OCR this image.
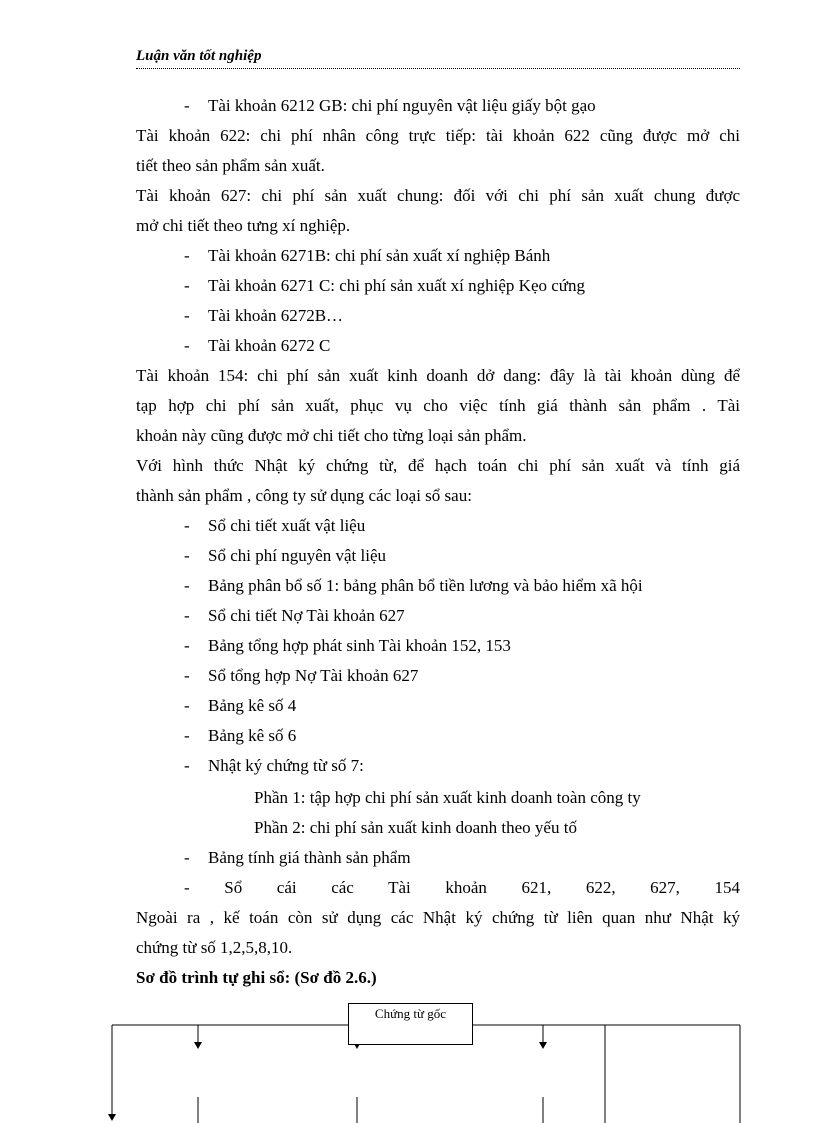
Luận văn tốt nghiệp
- Tài khoản 6212 GB: chi phí nguyên vật liệu giấy bột gạo
Tài khoản 622: chi phí nhân công trực tiếp: tài khoản 622 cũng được mở chi
tiết theo sản phẩm sản xuất.
Tài khoản 627: chi phí sản xuất chung: đối với chi phí sản xuất chung được
mở chi tiết theo tưng xí nghiệp.
- Tài khoản 6271B: chi phí sản xuất xí nghiệp Bánh
- Tài khoản 6271 C: chi phí sản xuất xí nghiệp Kẹo cứng
- Tài khoản 6272B…
- Tài khoản 6272 C
Tài khoản 154: chi phí sản xuất kinh doanh dở dang: đây là tài khoản dùng để
tạp hợp chi phí sản xuất, phục vụ cho việc tính giá thành sản phẩm . Tài
khoản này cũng được mở chi tiết cho từng loại sản phẩm.
Với hình thức Nhật ký chứng từ, để hạch toán chi phí sản xuất và tính giá
thành sản phẩm , công ty sử dụng các loại sổ sau:
- Sổ chi tiết xuất vật liệu
- Sổ chi phí nguyên vật liệu
- Bảng phân bổ số 1: bảng phân bổ tiền lương và bảo hiểm xã hội
- Sổ chi tiết Nợ Tài khoản 627
- Bảng tổng hợp phát sinh Tài khoản 152, 153
- Sổ tổng hợp Nợ Tài khoản 627
- Bảng kê số 4
- Bảng kê số 6
- Nhật ký chứng từ số 7:
Phần 1: tập hợp chi phí sản xuất kinh doanh toàn công ty
Phần 2: chi phí sản xuất kinh doanh theo yếu tố
- Bảng tính giá thành sản phẩm
- Sổ cái các Tài khoản 621, 622, 627, 154
Ngoài ra , kế toán còn sử dụng các Nhật ký chứng từ liên quan như Nhật ký
chứng từ số 1,2,5,8,10.
Sơ đồ trình tự ghi sổ: (Sơ đồ 2.6.)
Chứng từ gốc
